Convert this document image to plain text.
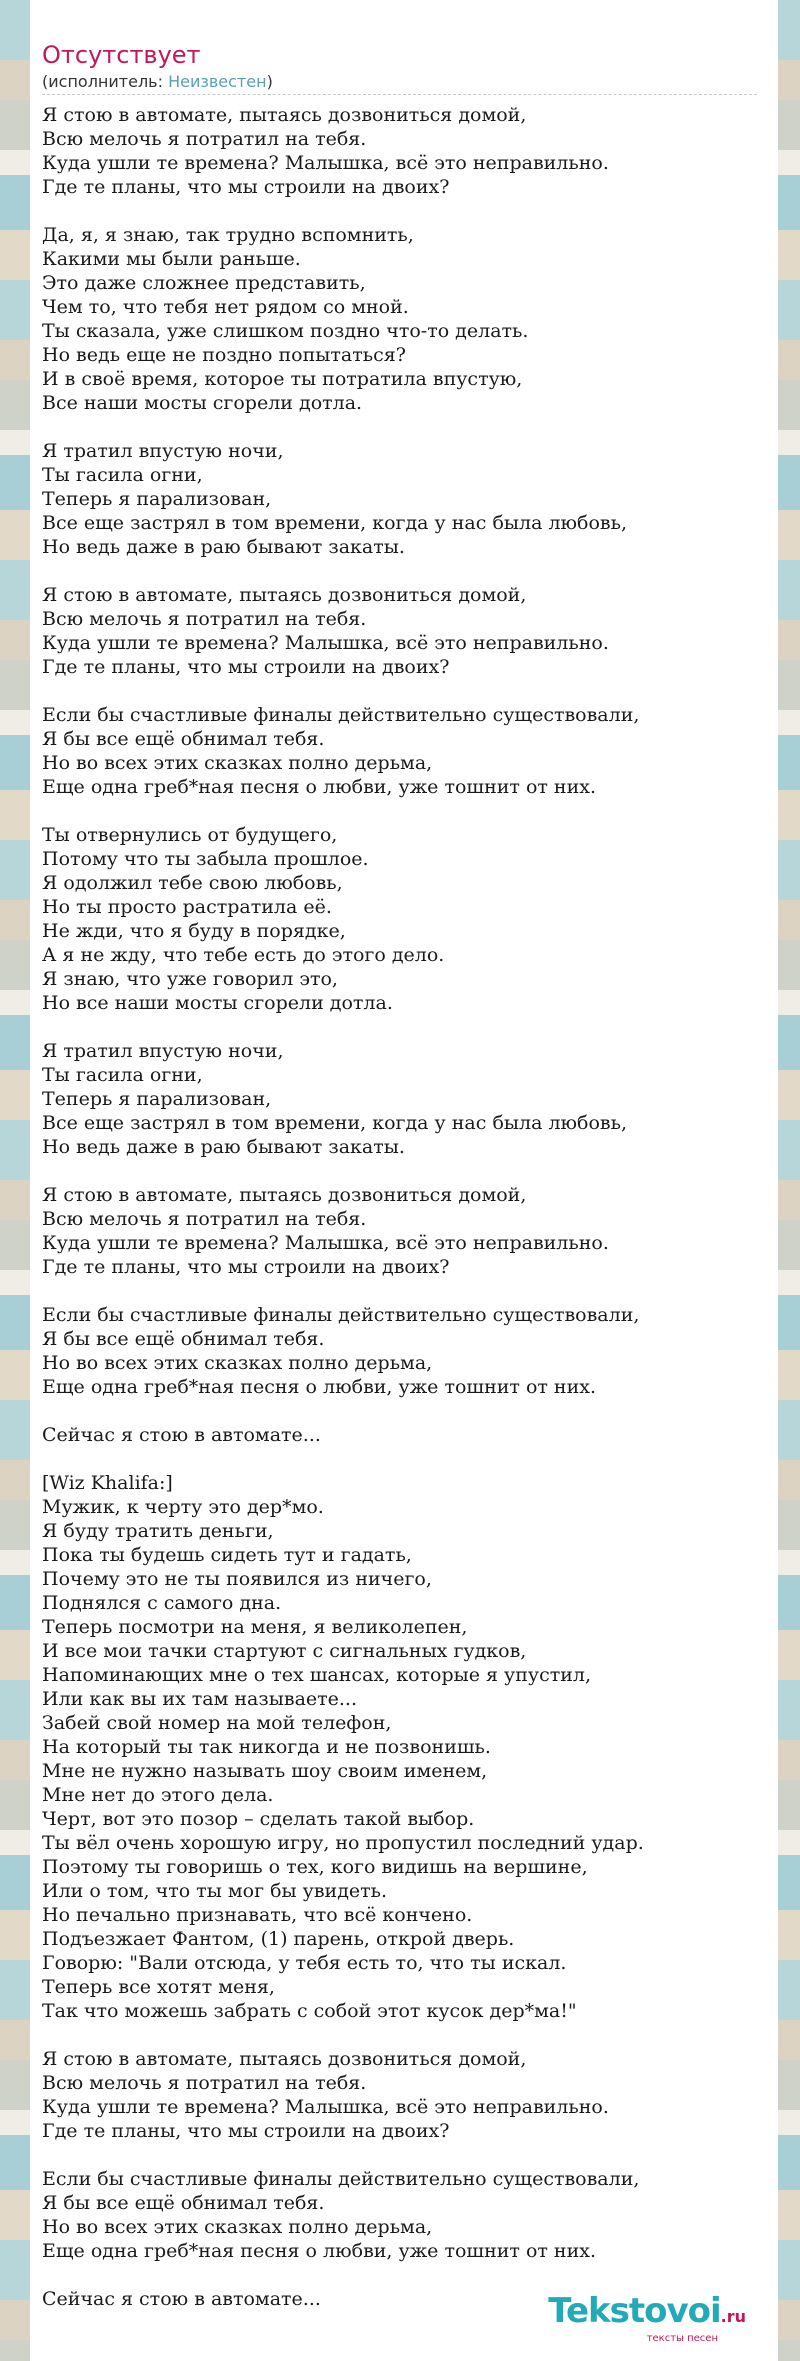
Отсутствует
(исполнитель: Неизвестен)
Я стою в автомате, пытаясь дозвониться домой,
Всю мелочь я потратил на тебя.
Куда ушли те времена? Малышка, всё это неправильно.
Где те планы, что мы строили на двоих?
Да, я, я знаю, так трудно вспомнить,
Какими мы были раньше.
Это даже сложнее представить,
Чем то, что тебя нет рядом со мной.
Ты сказала, уже слишком поздно что-то делать.
Но ведь еще не поздно попытаться?
И в своё время, которое ты потратила впустую,
Все наши мосты сгорели дотла.
Я тратил впустую ночи,
Ты гасила огни,
Теперь я парализован,
Все еще застрял в том времени, когда у нас была любовь,
Но ведь даже в раю бывают закаты.
Я стою в автомате, пытаясь дозвониться домой,
Всю мелочь я потратил на тебя.
Куда ушли те времена? Малышка, всё это неправильно.
Где те планы, что мы строили на двоих?
Если бы счастливые финалы действительно существовали,
Я бы все ещё обнимал тебя.
Но во всех этих сказках полно дерьма,
Еще одна греб*ная песня о любви, уже тошнит от них.
Ты отвернулись от будущего,
Потому что ты забыла прошлое.
Я одолжил тебе свою любовь,
Но ты просто растратила её.
Не жди, что я буду в порядке,
А я не жду, что тебе есть до этого дело.
Я знаю, что уже говорил это,
Но все наши мосты сгорели дотла.
Я тратил впустую ночи,
Ты гасила огни,
Теперь я парализован,
Все еще застрял в том времени, когда у нас была любовь,
Но ведь даже в раю бывают закаты.
Я стою в автомате, пытаясь дозвониться домой,
Всю мелочь я потратил на тебя.
Куда ушли те времена? Малышка, всё это неправильно.
Где те планы, что мы строили на двоих?
Если бы счастливые финалы действительно существовали,
Я бы все ещё обнимал тебя.
Но во всех этих сказках полно дерьма,
Еще одна греб*ная песня о любви, уже тошнит от них.
Сейчас я стою в автомате...
[Wiz Khalifa:]
Мужик, к черту это дер*мо.
Я буду тратить деньги,
Пока ты будешь сидеть тут и гадать,
Почему это не ты появился из ничего,
Поднялся с самого дна.
Теперь посмотри на меня, я великолепен,
И все мои тачки стартуют с сигнальных гудков,
Напоминающих мне о тех шансах, которые я упустил,
Или как вы их там называете...
Забей свой номер на мой телефон,
На который ты так никогда и не позвонишь.
Мне не нужно называть шоу своим именем,
Мне нет до этого дела.
Черт, вот это позор – сделать такой выбор.
Ты вёл очень хорошую игру, но пропустил последний удар.
Поэтому ты говоришь о тех, кого видишь на вершине,
Или о том, что ты мог бы увидеть.
Но печально признавать, что всё кончено.
Подъезжает Фантом, (1) парень, открой дверь.
Говорю: "Вали отсюда, у тебя есть то, что ты искал.
Теперь все хотят меня,
Так что можешь забрать с собой этот кусок дер*ма!"
Я стою в автомате, пытаясь дозвониться домой,
Всю мелочь я потратил на тебя.
Куда ушли те времена? Малышка, всё это неправильно.
Где те планы, что мы строили на двоих?
Если бы счастливые финалы действительно существовали,
Я бы все ещё обнимал тебя.
Но во всех этих сказках полно дерьма,
Еще одна греб*ная песня о любви, уже тошнит от них.
Сейчас я стою в автомате...	Tekstovoi.ru
тексты песен
